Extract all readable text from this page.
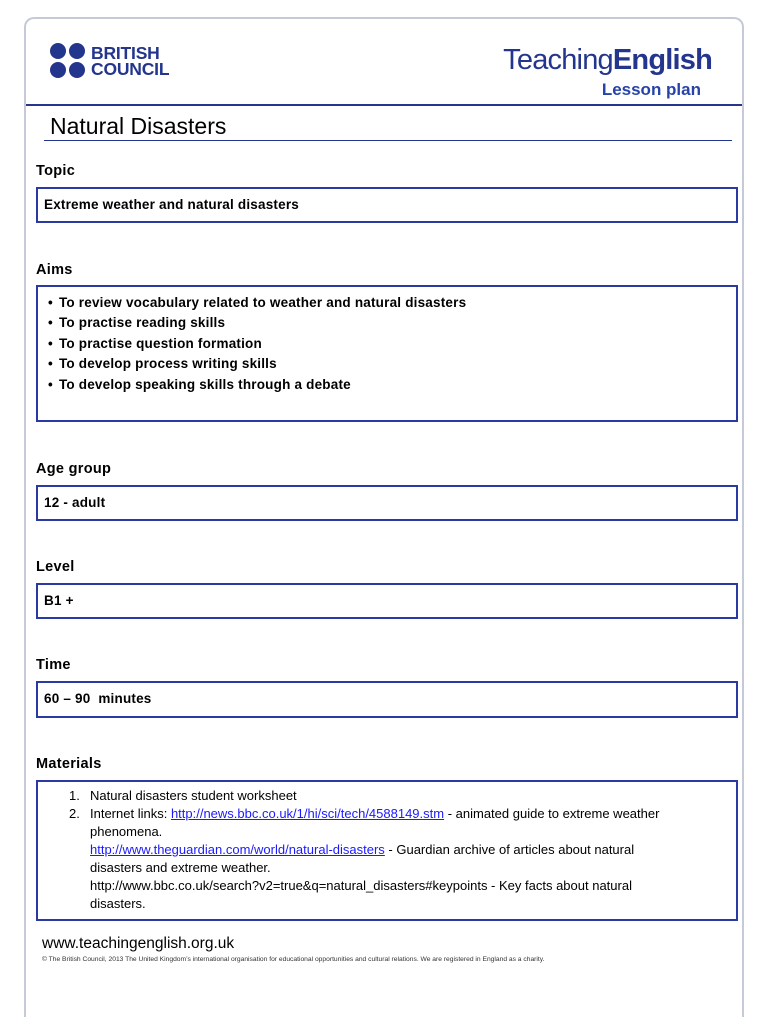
BRITISH
COUNCIL	TeachingEnglish
Lesson plan
Natural Disasters
Topic
Extreme weather and natural disasters
Aims
• To review vocabulary related to weather and natural disasters
• To practise reading skills
• To practise question formation
• To develop process writing skills
• To develop speaking skills through a debate
Age group
12 - adult
Level
B1 +
Time
60 – 90  minutes
Materials
1. Natural disasters student worksheet
2. Internet links: http://news.bbc.co.uk/1/hi/sci/tech/4588149.stm - animated guide to extreme weather
phenomena.
http://www.theguardian.com/world/natural-disasters - Guardian archive of articles about natural
disasters and extreme weather.
http://www.bbc.co.uk/search?v2=true&q=natural_disasters#keypoints - Key facts about natural
disasters.
www.teachingenglish.org.uk
© The British Council, 2013 The United Kingdom’s international organisation for educational opportunities and cultural relations. We are registered in England as a charity.
